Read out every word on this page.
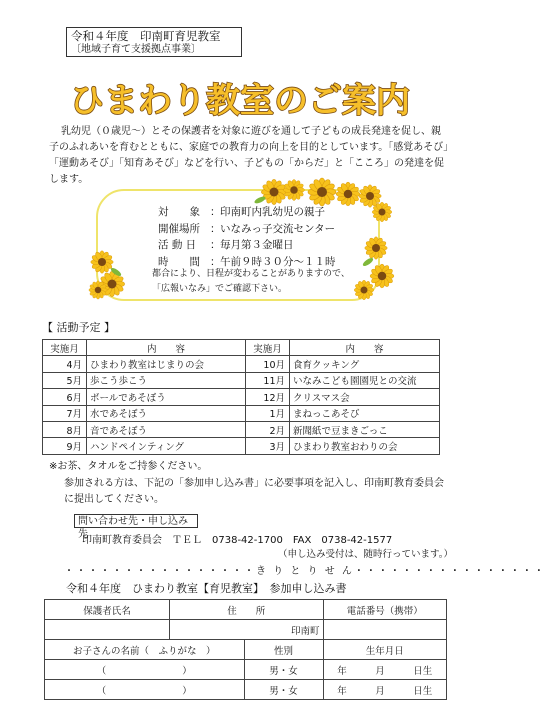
令和４年度　印南町育児教室
〔地域子育て支援拠点事業〕
ひまわり教室のご案内

乳幼児（０歳児～）とその保護者を対象に遊びを通して子どもの成長発達を促し、親子のふれあいを育むとともに、家庭での教育力の向上を目的としています。「感覚あそび」「運動あそび」「知育あそび」などを行い、子どもの「からだ」と「こころ」の発達を促します。

対　　象 ： 印南町内乳幼児の親子
開催場所 ： いなみっ子交流センター
活 動 日	： 毎月第３金曜日
時　　間 ： 午前９時３０分～１１時
都合により、日程が変わることがありますので、
「広報いなみ」でご確認下さい。
【 活動予定 】
実施月	内　　容	実施月	内　　容
4月	ひまわり教室はじまりの会	10月	食育クッキング
5月	歩こう歩こう	11月	いなみこども園園児との交流
6月	ボールであそぼう	12月	クリスマス会
7月	水であそぼう	1月	まねっこあそび
8月	音であそぼう	2月	新聞紙で豆まきごっこ
9月	ハンドペインティング	3月	ひまわり教室おわりの会
※お茶、タオルをご持参ください。
参加される方は、下記の「参加申し込み書」に必要事項を記入し、印南町教育委員会に提出してください。
問い合わせ先・申し込み先
印南町教育委員会　ＴＥＬ　0738-42-1700　FAX　0738-42-1577
（申し込み受付は、随時行っています。）
・・・・・・・・・・・・・・・・き り と り せ ん・・・・・・・・・・・・・・・・
令和４年度　ひまわり教室【育児教室】　参加申し込み書
保護者氏名	住　　所		電話番号（携帯）
	印南町		
お子さんの名前（　ふりがな　）		性別	生年月日
（　　　　　　　　）		男・女	年　　　月　　　日生
（　　　　　　　　）		男・女	年　　　月　　　日生
